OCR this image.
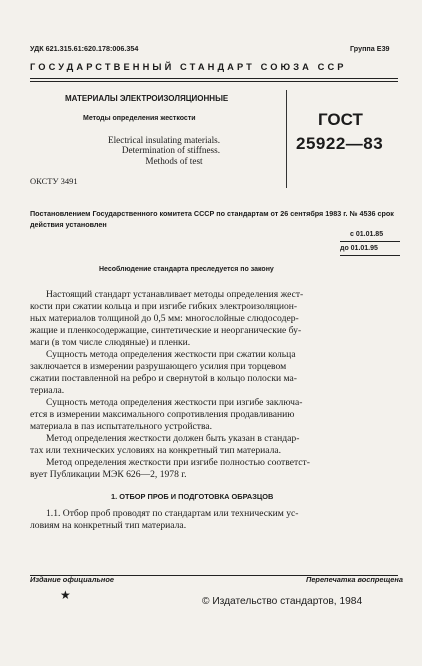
УДК 621.315.61:620.178:006.354	Группа Е39
ГОСУДАРСТВЕННЫЙ СТАНДАРТ СОЮЗА ССР
МАТЕРИАЛЫ ЭЛЕКТРОИЗОЛЯЦИОННЫЕ
Методы определения жесткости
Electrical insulating materials.
Determination of stiffness.
Methods of test
ГОСТ
25922—83
ОКСТУ 3491
Постановлением Государственного комитета СССР по стандартам от 26 сентября 1983 г. № 4536 срок действия установлен
с 01.01.85
до 01.01.95
Несоблюдение стандарта преследуется по закону
Настоящий стандарт устанавливает методы определения жест-
кости при сжатии кольца и при изгибе гибких электроизоляцион-
ных материалов толщиной до 0,5 мм: многослойные слюдосодер-
жащие и пленкосодержащие, синтетические и неорганические бу-
маги (в том числе слюдяные) и пленки.
Сущность метода определения жесткости при сжатии кольца
заключается в измерении разрушающего усилия при торцевом
сжатии поставленной на ребро и свернутой в кольцо полоски ма-
териала.
Сущность метода определения жесткости при изгибе заключа-
ется в измерении максимального сопротивления продавливанию
материала в паз испытательного устройства.
Метод определения жесткости должен быть указан в стандар-
тах или технических условиях на конкретный тип материала.
Метод определения жесткости при изгибе полностью соответст-
вует Публикации МЭК 626—2, 1978 г.
1. ОТБОР ПРОБ И ПОДГОТОВКА ОБРАЗЦОВ
1.1. Отбор проб проводят по стандартам или техническим ус-
ловиям на конкретный тип материала.
Издание официальное	Перепечатка воспрещена
★	© Издательство стандартов, 1984
